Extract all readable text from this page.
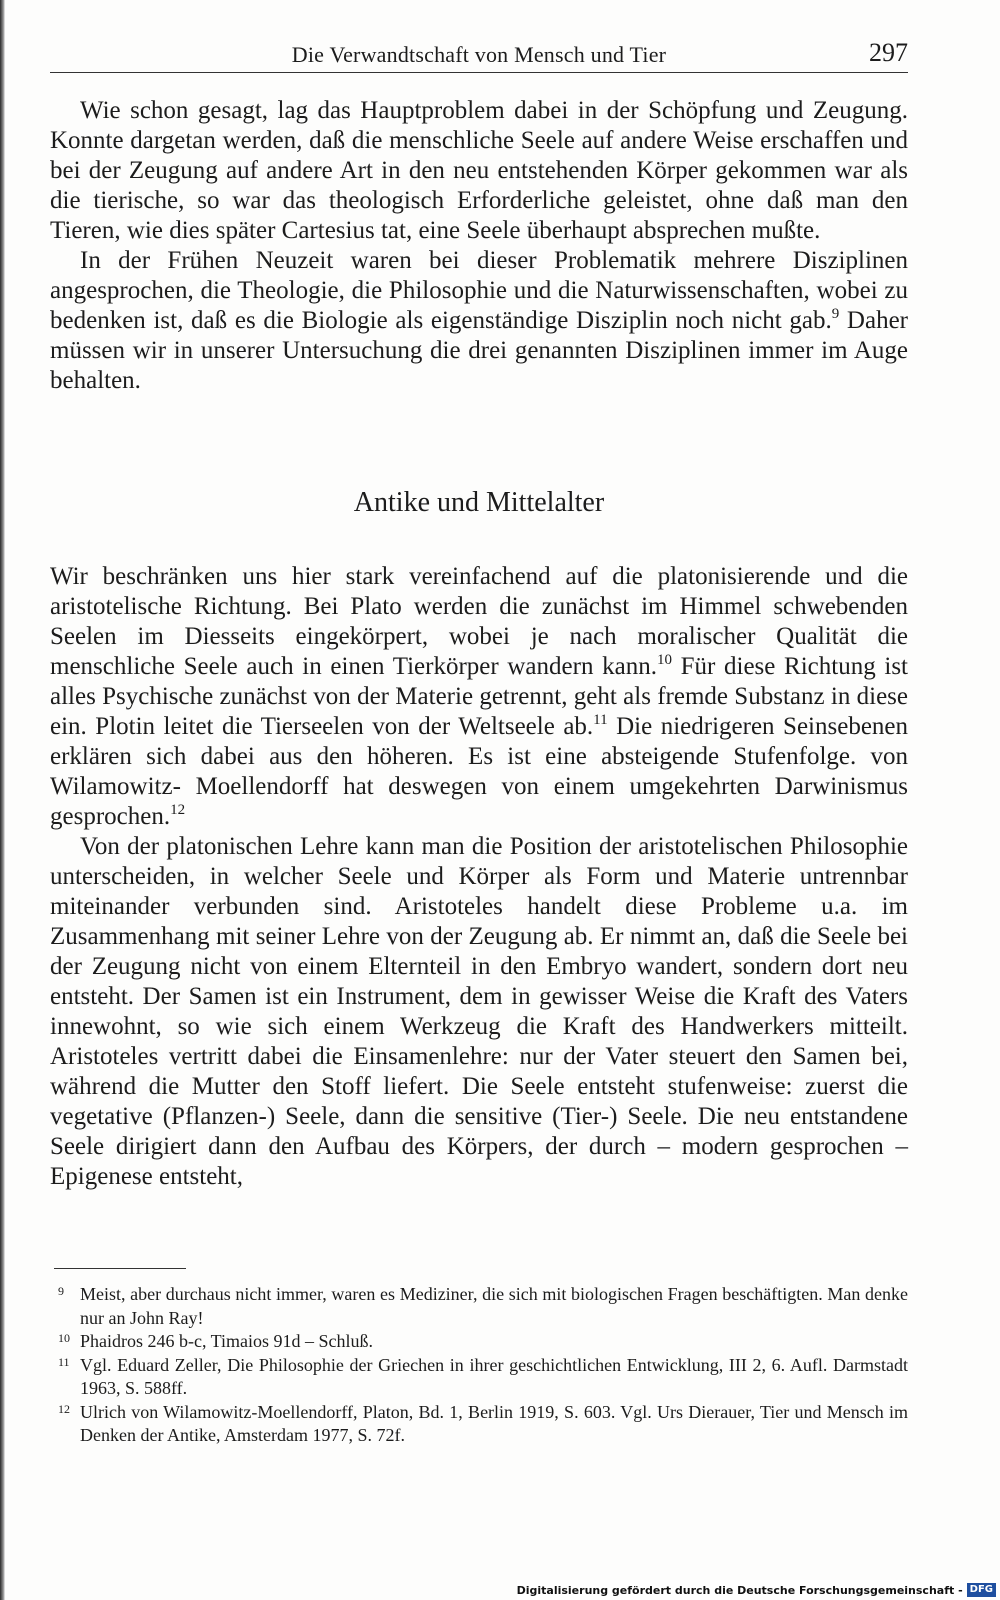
Die Verwandtschaft von Mensch und Tier	297

Wie schon gesagt, lag das Hauptproblem dabei in der Schöpfung und Zeugung. Konnte dargetan werden, daß die menschliche Seele auf andere Weise erschaffen und bei der Zeugung auf andere Art in den neu entstehenden Körper gekommen war als die tierische, so war das theologisch Erforderliche geleistet, ohne daß man den Tieren, wie dies später Cartesius tat, eine Seele überhaupt absprechen mußte.

In der Frühen Neuzeit waren bei dieser Problematik mehrere Disziplinen angesprochen, die Theologie, die Philosophie und die Naturwissenschaften, wobei zu bedenken ist, daß es die Biologie als eigenständige Disziplin noch nicht gab.$^9$ Daher müssen wir in unserer Untersuchung die drei genannten Disziplinen immer im Auge behalten.

Antike und Mittelalter

Wir beschränken uns hier stark vereinfachend auf die platonisierende und die aristotelische Richtung. Bei Plato werden die zunächst im Himmel schwebenden Seelen im Diesseits eingekörpert, wobei je nach moralischer Qualität die menschliche Seele auch in einen Tierkörper wandern kann.$^{10}$ Für diese Richtung ist alles Psychische zunächst von der Materie getrennt, geht als fremde Substanz in diese ein. Plotin leitet die Tierseelen von der Weltseele ab.$^{11}$ Die niedrigeren Seinsebenen erklären sich dabei aus den höheren. Es ist eine absteigende Stufenfolge. von Wilamowitz- Moellendorff hat deswegen von einem umgekehrten Darwinismus gesprochen.$^{12}$

Von der platonischen Lehre kann man die Position der aristotelischen Philosophie unterscheiden, in welcher Seele und Körper als Form und Materie untrennbar miteinander verbunden sind. Aristoteles handelt diese Probleme u.a. im Zusammenhang mit seiner Lehre von der Zeugung ab. Er nimmt an, daß die Seele bei der Zeugung nicht von einem Elternteil in den Embryo wandert, sondern dort neu entsteht. Der Samen ist ein Instrument, dem in gewisser Weise die Kraft des Vaters innewohnt, so wie sich einem Werkzeug die Kraft des Handwerkers mitteilt. Aristoteles vertritt dabei die Einsamenlehre: nur der Vater steuert den Samen bei, während die Mutter den Stoff liefert. Die Seele entsteht stufenweise: zuerst die vegetative (Pflanzen-) Seele, dann die sensitive (Tier-) Seele. Die neu entstandene Seele dirigiert dann den Aufbau des Körpers, der durch – modern gesprochen – Epigenese entsteht,

9 Meist, aber durchaus nicht immer, waren es Mediziner, die sich mit biologischen Fragen beschäftigten. Man denke nur an John Ray!
10 Phaidros 246 b-c, Timaios 91d – Schluß.
11 Vgl. Eduard Zeller, Die Philosophie der Griechen in ihrer geschichtlichen Entwicklung, III 2, 6. Aufl. Darmstadt 1963, S. 588ff.
12 Ulrich von Wilamowitz-Moellendorff, Platon, Bd. 1, Berlin 1919, S. 603. Vgl. Urs Dierauer, Tier und Mensch im Denken der Antike, Amsterdam 1977, S. 72f.
Digitalisierung gefördert durch die Deutsche Forschungsgemeinschaft - DFG
